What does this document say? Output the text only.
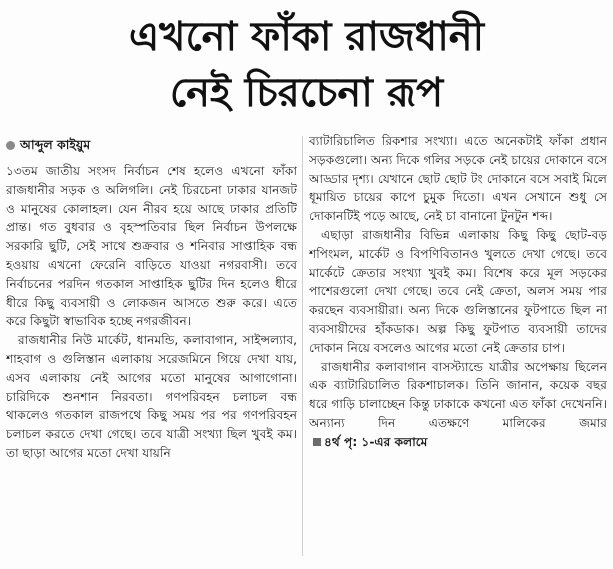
এখনো ফাঁকা রাজধানী
নেই চিরচেনা রূপ
আব্দুল কাইয়ুম

১৩তম জাতীয় সংসদ নির্বাচন শেষ হলেও এখনো ফাঁকা রাজধানীর সড়ক ও অলিগলি। নেই চিরচেনা ঢাকার যানজট ও মানুষের কোলাহল। যেন নীরব হয়ে আছে ঢাকার প্রতিটি প্রান্ত। গত বুধবার ও বৃহস্পতিবার ছিল নির্বাচন উপলক্ষে সরকারি ছুটি, সেই সাথে শুক্রবার ও শনিবার সাপ্তাহিক বন্ধ হওয়ায় এখনো ফেরেনি বাড়িতে যাওয়া নগরবাসী। তবে নির্বাচনের পরদিন গতকাল সাপ্তাহিক ছুটির দিন হলেও ধীরে ধীরে কিছু ব্যবসায়ী ও লোকজন আসতে শুরু করে। এতে করে কিছুটা স্বাভাবিক হচ্ছে নগরজীবন।

রাজধানীর নিউ মার্কেট, ধানমন্ডি, কলাবাগান, সাইন্সল্যাব, শাহবাগ ও গুলিস্তান এলাকায় সরেজমিনে গিয়ে দেখা যায়, এসব এলাকায় নেই আগের মতো মানুষের আগাগোনা। চারিদিকে শুনশান নিরবতা। গণপরিবহন চলাচল বন্ধ থাকলেও গতকাল রাজপথে কিছু সময় পর পর গণপরিবহন চলাচল করতে দেখা গেছে। তবে যাত্রী সংখ্যা ছিল খুবই কম। তা ছাড়া আগের মতো দেখা যায়নি

ব্যাটারিচালিত রিকশার সংখ্যা। এতে অনেকটাই ফাঁকা প্রধান সড়কগুলো। অন্য দিকে গলির সড়কে নেই চায়ের দোকানে বসে আড্ডার দৃশ্য। যেখানে ছোট ছোট টং দোকানে বসে সবাই মিলে ধূমায়িত চায়ের কাপে চুমুক দিতো। এখন সেখানে শুধু সে দোকানটিই পড়ে আছে, নেই চা বানানো টুনটুন শব্দ।

এছাড়া রাজধানীর বিভিন্ন এলাকায় কিছু কিছু ছোট-বড় শপিংমল, মার্কেট ও বিপণিবিতানও খুলতে দেখা গেছে। তবে মার্কেটে ক্রেতার সংখ্যা খুবই কম। বিশেষ করে মূল সড়কের পাশেরগুলো দেখা গেছে। তবে নেই ক্রেতা, অলস সময় পার করছেন ব্যবসায়ীরা। অন্য দিকে গুলিস্তানের ফুটপাতে ছিল না ব্যবসায়ীদের হাঁকডাক। অল্প কিছু ফুটপাত ব্যবসায়ী তাদের দোকান নিয়ে বসলেও আগের মতো নেই ক্রেতার চাপ।

রাজধানীর কলাবাগান বাসস্ট্যান্ডে যাত্রীর অপেক্ষায় ছিলেন এক ব্যাটারিচালিত রিকশাচালক। তিনি জানান, কয়েক বছর ধরে গাড়ি চালাচ্ছেন কিন্তু ঢাকাকে কখনো এত ফাঁকা দেখেননি। অন্যান্য দিন এতক্ষণে মালিকের জমার ৪র্থ পৃ: ১-এর কলামে
